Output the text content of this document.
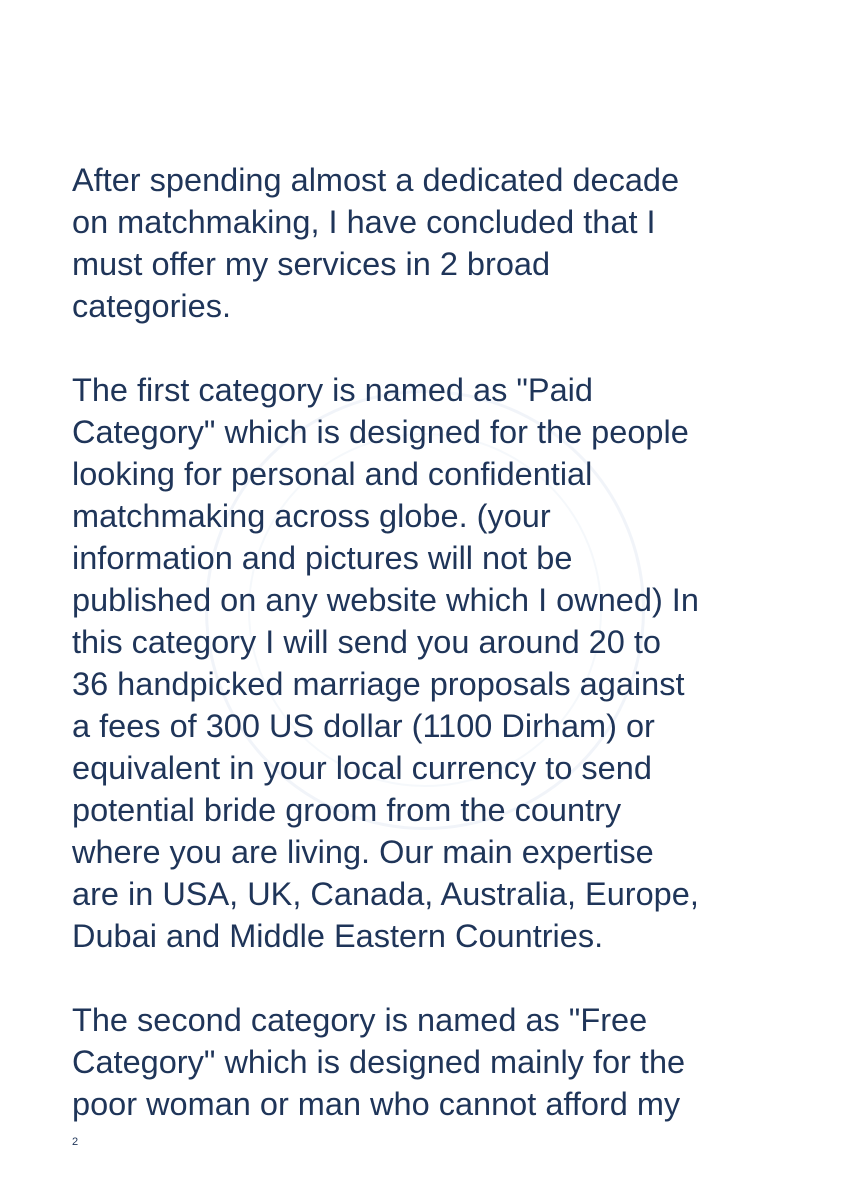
After spending almost a dedicated decade
on matchmaking, I have concluded that I
must offer my services in 2 broad
categories.

The first category is named as "Paid
Category" which is designed for the people
looking for personal and confidential
matchmaking across globe. (your
information and pictures will not be
published on any website which I owned) In
this category I will send you around 20 to
36 handpicked marriage proposals against
a fees of 300 US dollar (1100 Dirham) or
equivalent in your local currency to send
potential bride groom from the country
where you are living. Our main expertise
are in USA, UK, Canada, Australia, Europe,
Dubai and Middle Eastern Countries.

The second category is named as "Free
Category" which is designed mainly for the
poor woman or man who cannot afford my

2
